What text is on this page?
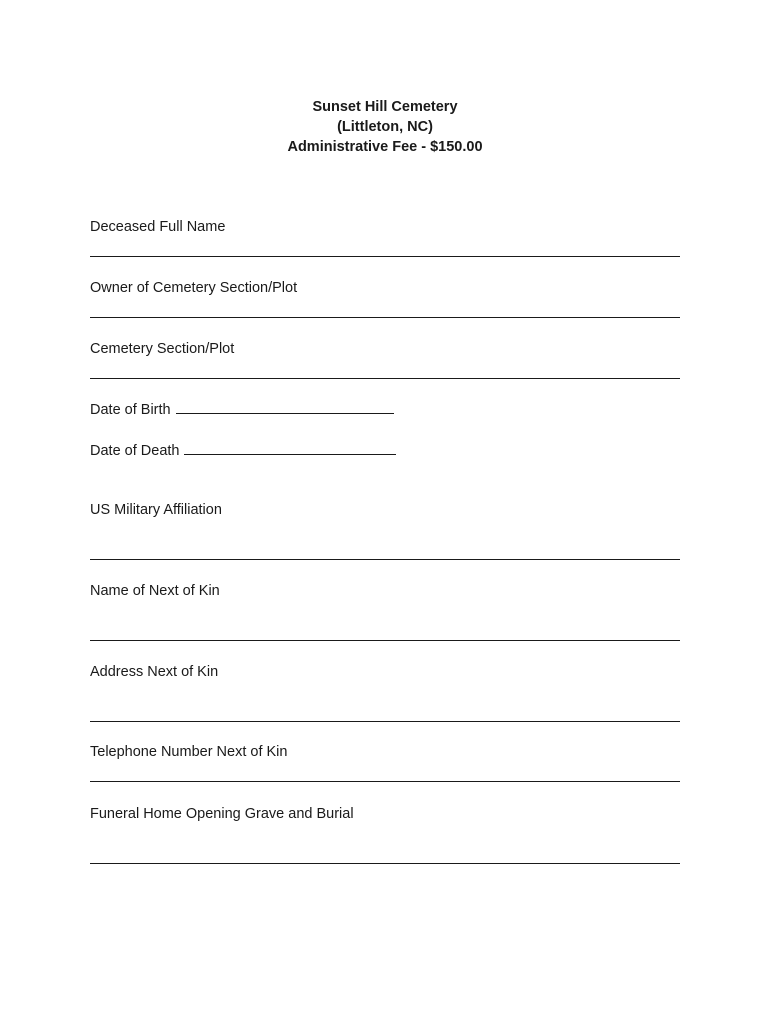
Sunset Hill Cemetery
(Littleton, NC)
Administrative Fee - $150.00
Deceased Full Name
Owner of Cemetery Section/Plot
Cemetery Section/Plot
Date of Birth
Date of Death
US Military Affiliation
Name of Next of Kin
Address Next of Kin
Telephone Number Next of Kin
Funeral Home Opening Grave and Burial
